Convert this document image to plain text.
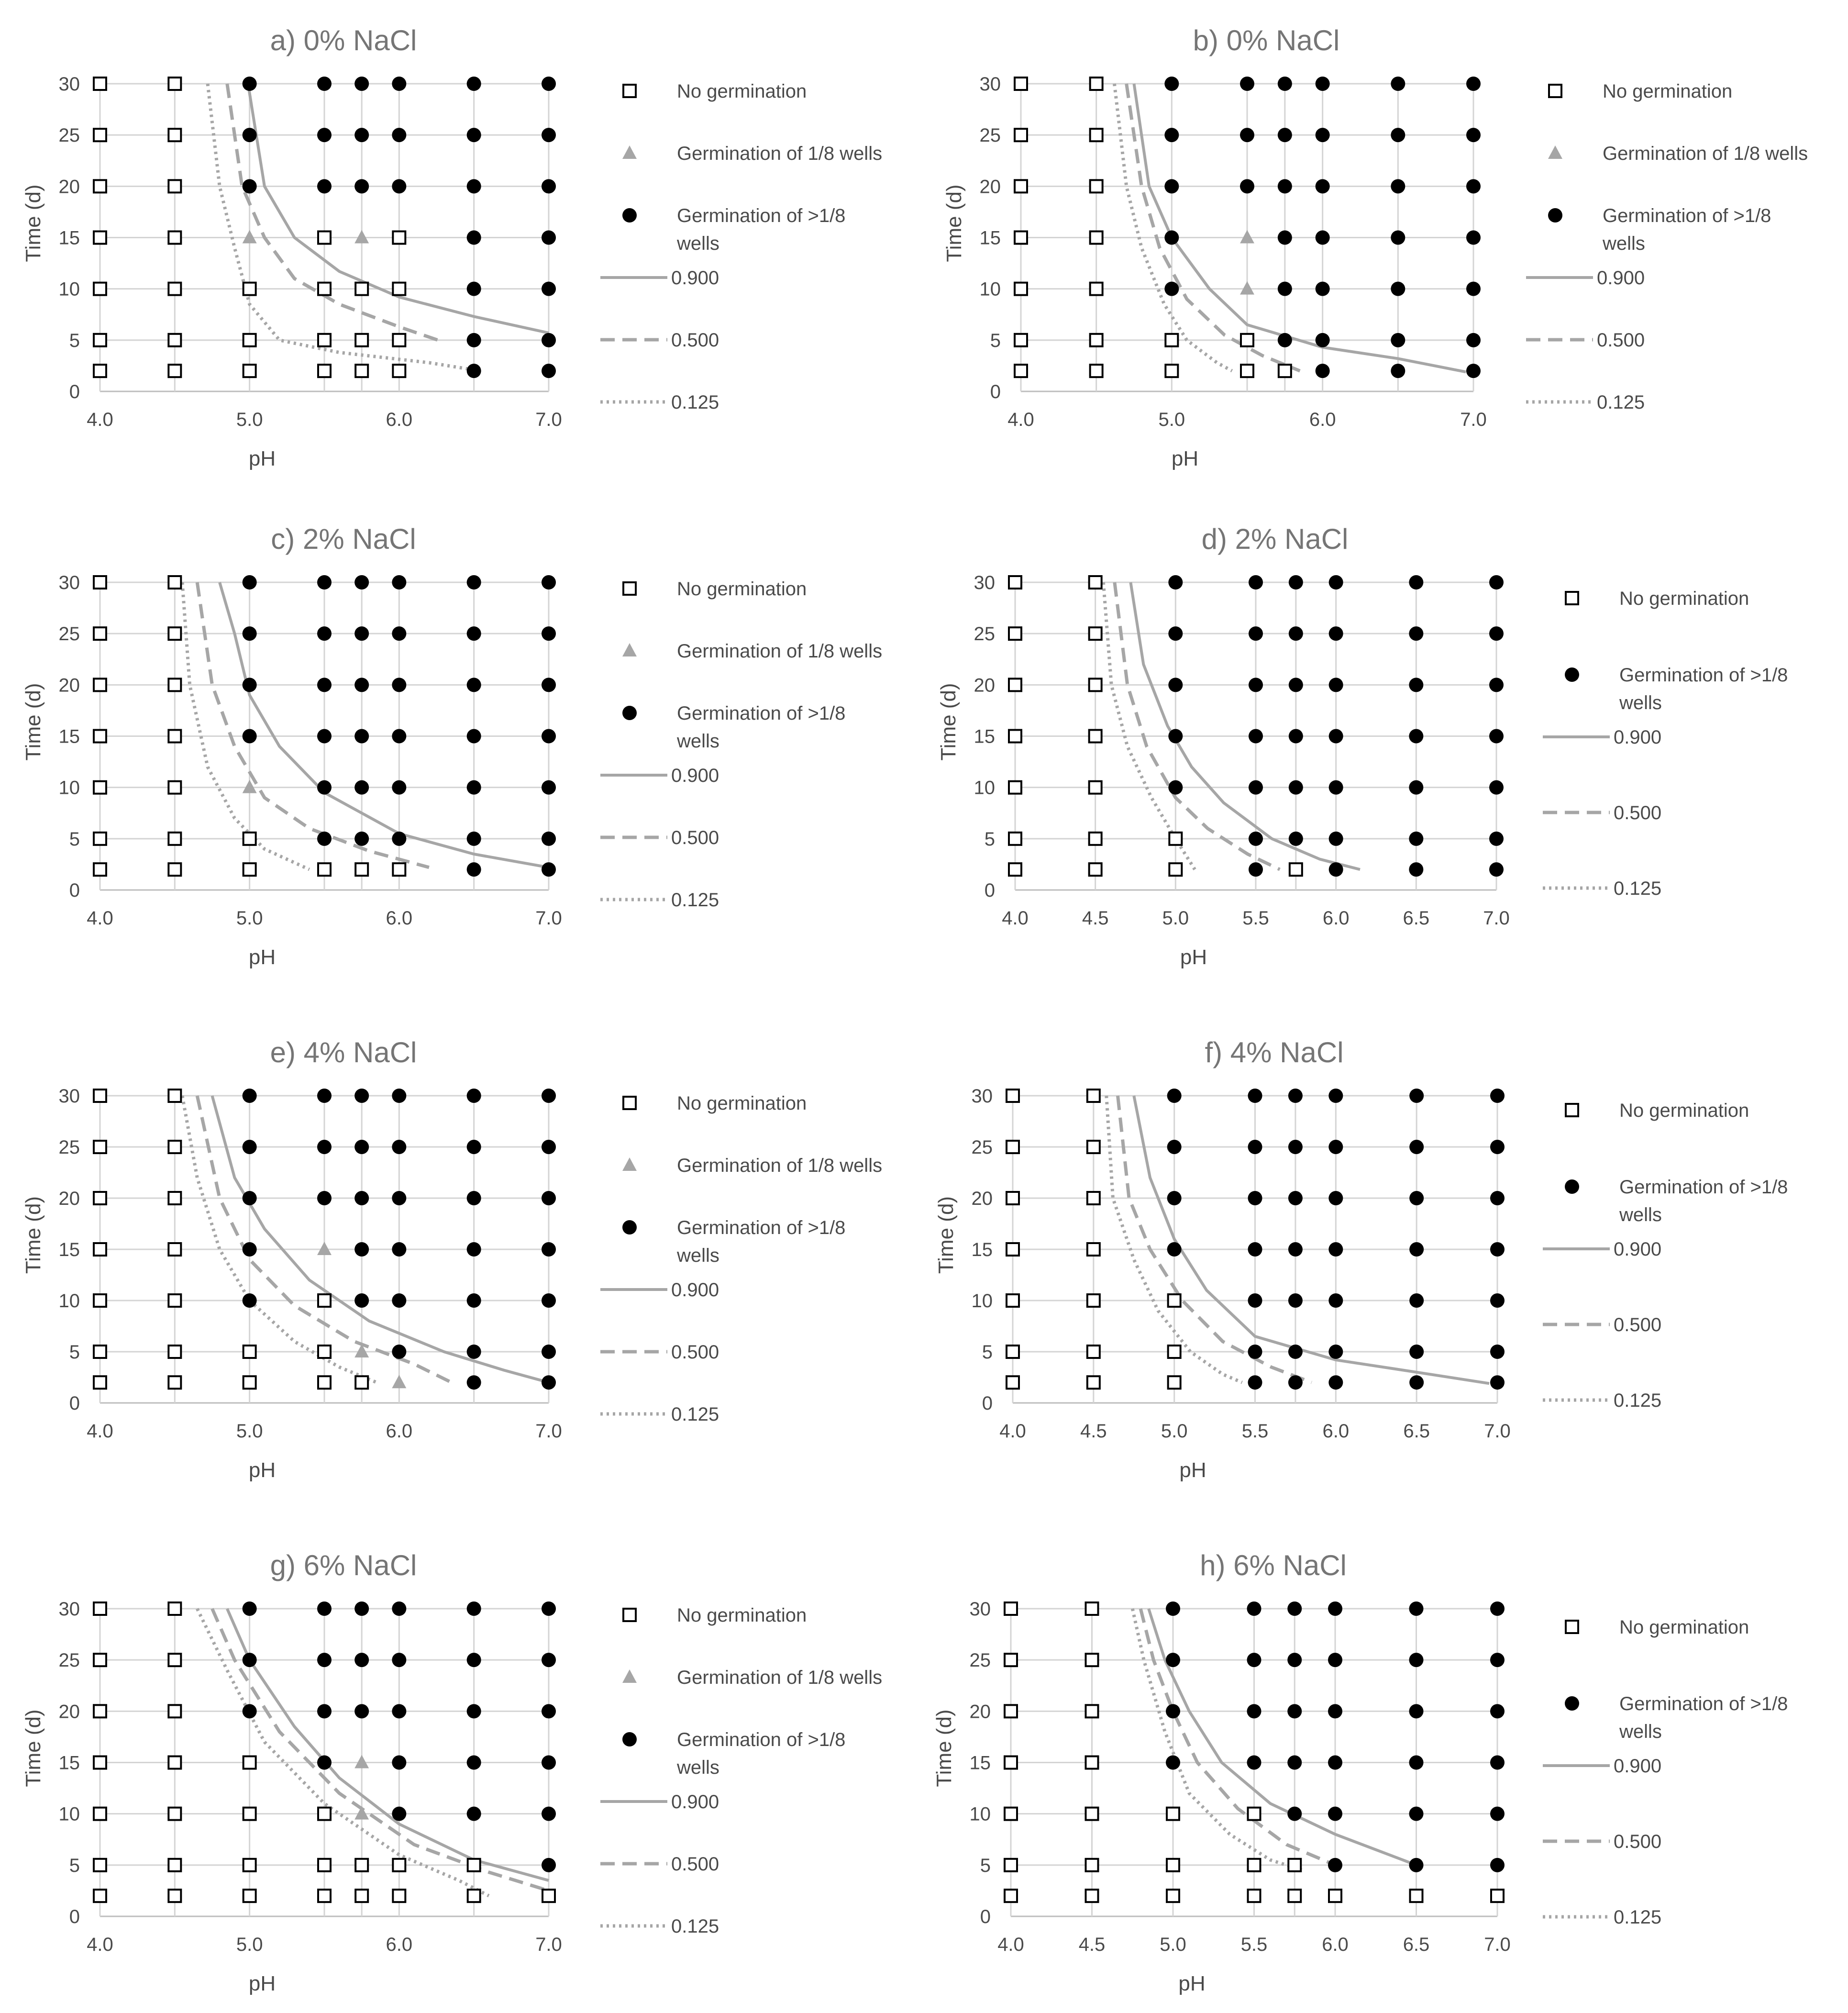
a) 0% NaCl
0
5
10
15
20
25
30
4.0	5.0	6.0	7.0
pH
Time (d)
No germination
Germination of 1/8 wells
Germination of >1/8
wells
0.900
0.500
0.125
b) 0% NaCl
0
5
10
15
20
25
30
4.0	5.0	6.0	7.0
pH
Time (d)
No germination
Germination of 1/8 wells
Germination of >1/8
wells
0.900
0.500
0.125
c) 2% NaCl
0
5
10
15
20
25
30
4.0	5.0	6.0	7.0
pH
Time (d)
No germination
Germination of 1/8 wells
Germination of >1/8
wells
0.900
0.500
0.125
d) 2% NaCl
0
5
10
15
20
25
30
4.0	4.5	5.0	5.5	6.0	6.5	7.0
pH
Time (d)
No germination
Germination of >1/8
wells
0.900
0.500
0.125
e) 4% NaCl
0
5
10
15
20
25
30
4.0	5.0	6.0	7.0
pH
Time (d)
No germination
Germination of 1/8 wells
Germination of >1/8
wells
0.900
0.500
0.125
f) 4% NaCl
0
5
10
15
20
25
30
4.0	4.5	5.0	5.5	6.0	6.5	7.0
pH
Time (d)
No germination
Germination of >1/8
wells
0.900
0.500
0.125
g) 6% NaCl
0
5
10
15
20
25
30
4.0	5.0	6.0	7.0
pH
Time (d)
No germination
Germination of 1/8 wells
Germination of >1/8
wells
0.900
0.500
0.125
h) 6% NaCl
0
5
10
15
20
25
30
4.0	4.5	5.0	5.5	6.0	6.5	7.0
pH
Time (d)
No germination
Germination of >1/8
wells
0.900
0.500
0.125
